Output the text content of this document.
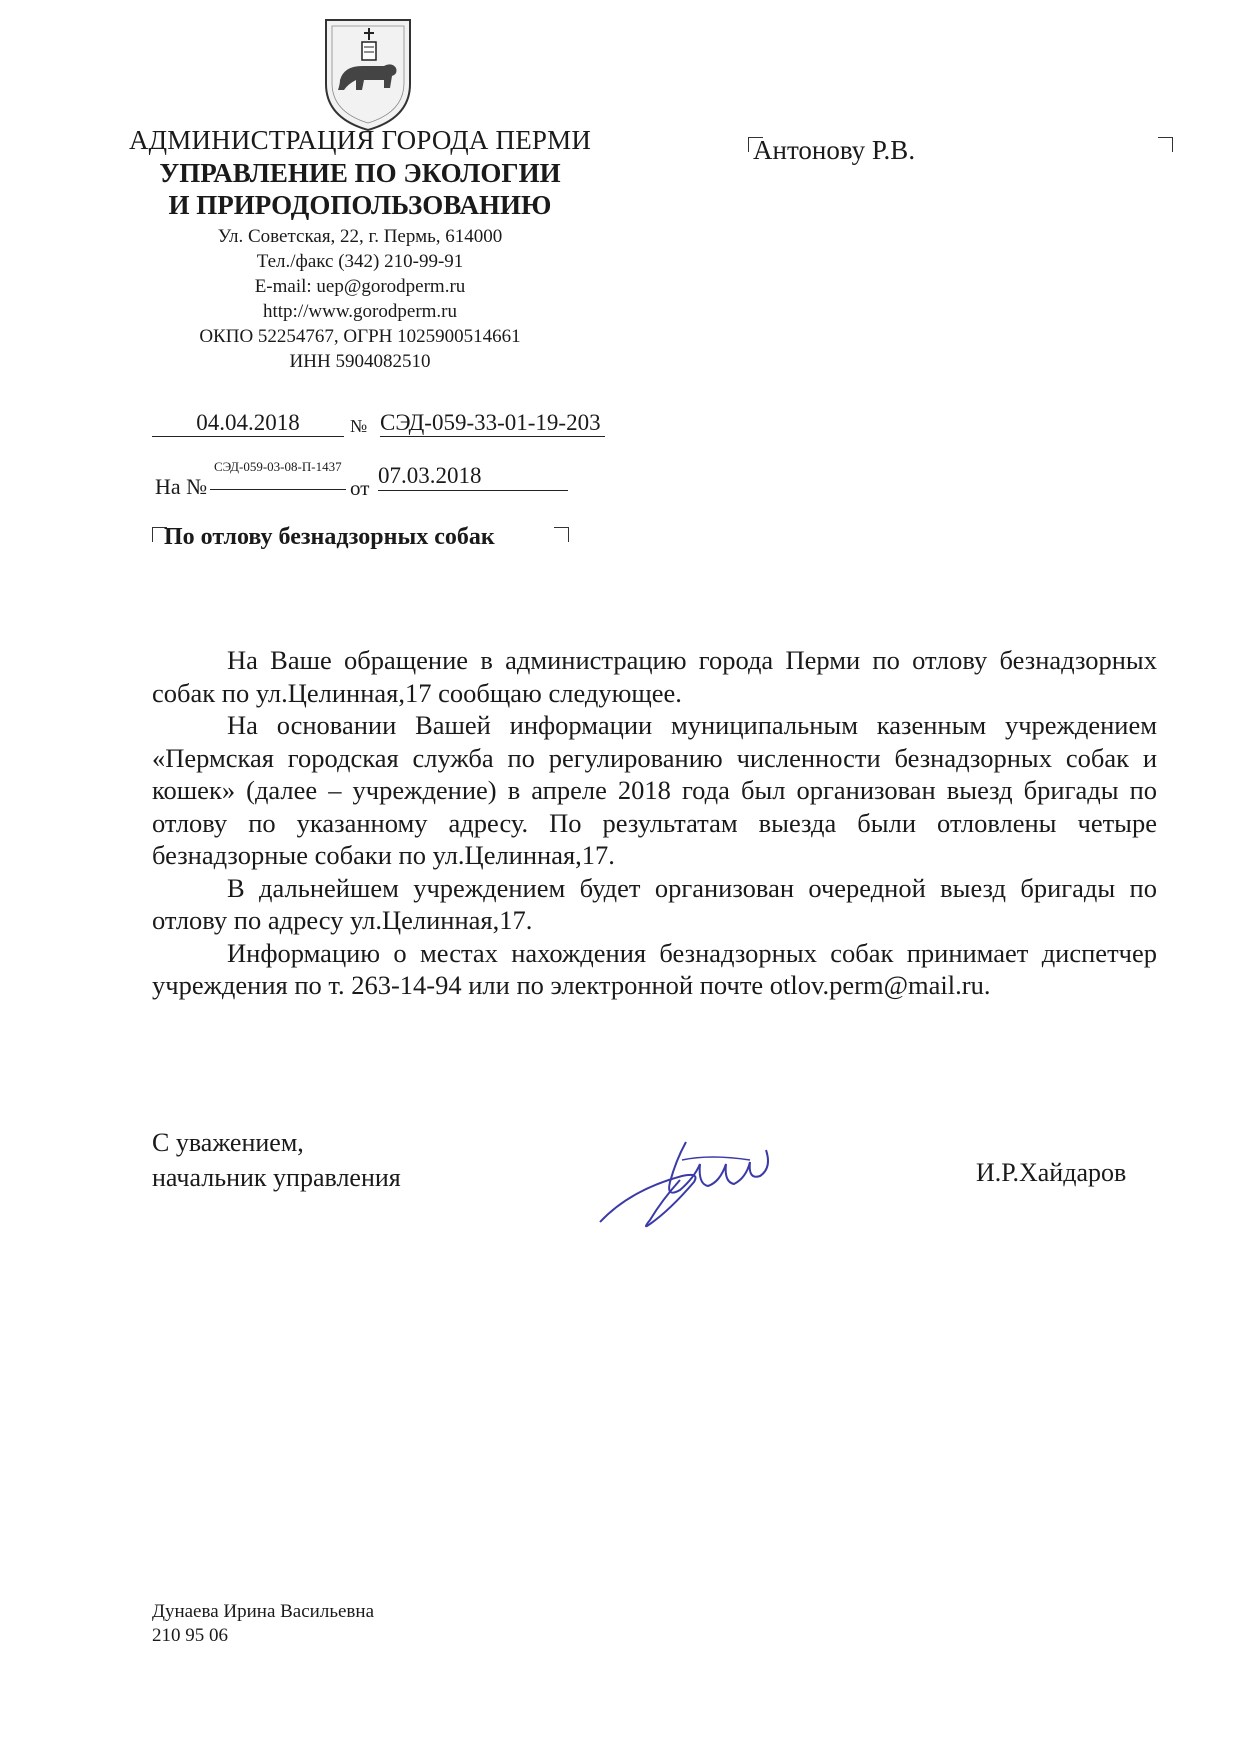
АДМИНИСТРАЦИЯ ГОРОДА ПЕРМИ
УПРАВЛЕНИЕ ПО ЭКОЛОГИИ
И ПРИРОДОПОЛЬЗОВАНИЮ
Ул. Советская, 22, г. Пермь, 614000
Тел./факс (342) 210-99-91
E-mail: uep@gorodperm.ru
http://www.gorodperm.ru
ОКПО 52254767, ОГРН 1025900514661
ИНН 5904082510
Антонову Р.В.
04.04.2018	№ СЭД-059-33-01-19-203
На №
СЭД-059-03-08-П-1437
от 07.03.2018
По отлову безнадзорных собак

На Ваше обращение в администрацию города Перми по отлову безнадзорных собак по ул.Целинная,17 сообщаю следующее.

На основании Вашей информации муниципальным казенным учреждением «Пермская городская служба по регулированию численности безнадзорных собак и кошек» (далее – учреждение) в апреле 2018 года был организован выезд бригады по отлову по указанному адресу. По результатам выезда были отловлены четыре безнадзорные собаки по ул.Целинная,17.

В дальнейшем учреждением будет организован очередной выезд бригады по отлову по адресу ул.Целинная,17.

Информацию о местах нахождения безнадзорных собак принимает диспетчер учреждения по т. 263-14-94 или по электронной почте otlov.perm@mail.ru.

С уважением,
начальник управления	И.Р.Хайдаров
Дунаева Ирина Васильевна
210 95 06
